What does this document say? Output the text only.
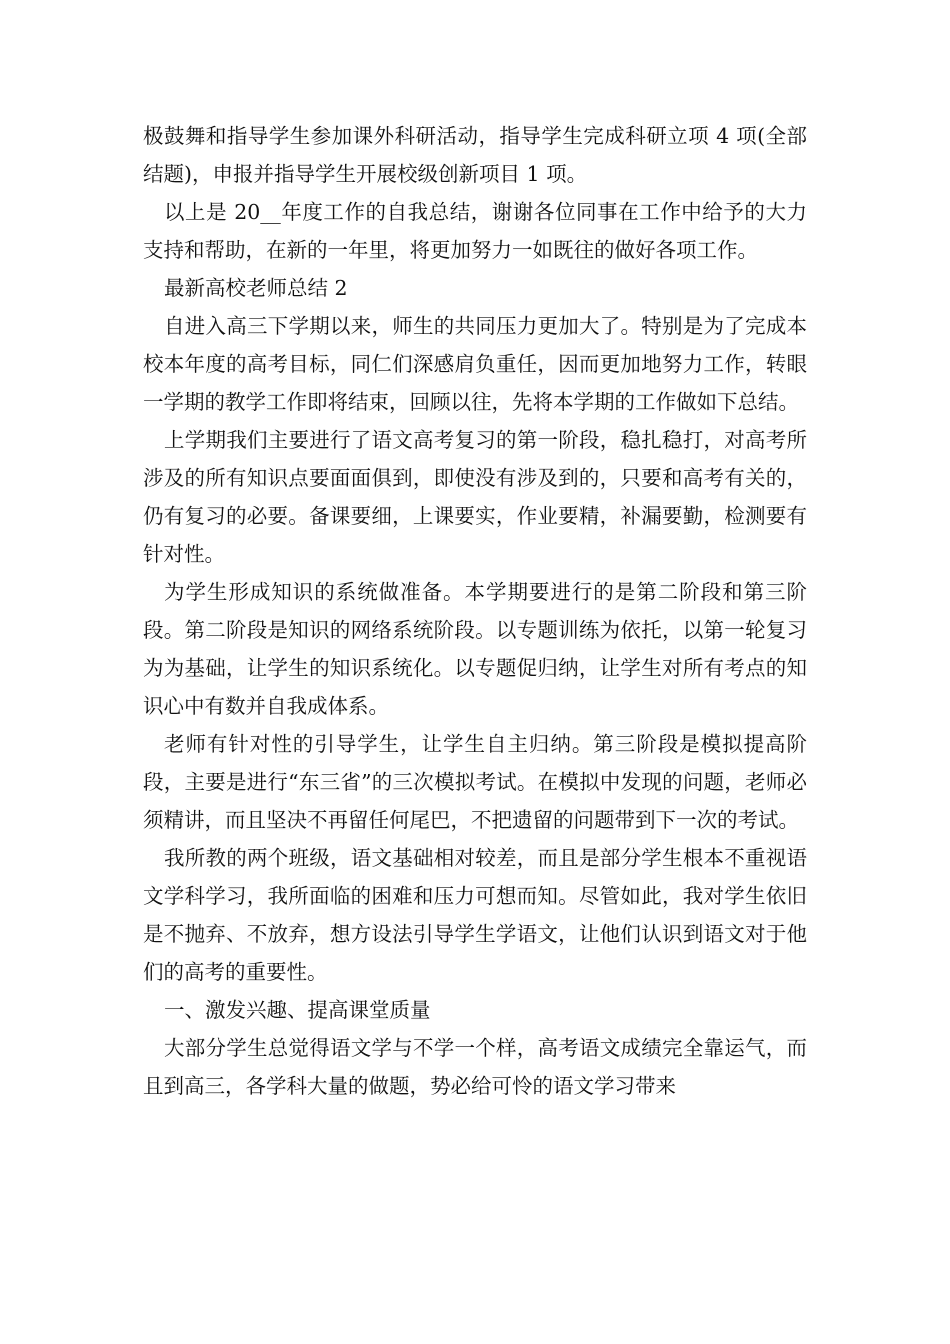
极鼓舞和指导学生参加课外科研活动，指导学生完成科研立项 4 项(全部结题)，申报并指导学生开展校级创新项目 1 项。

以上是 20__年度工作的自我总结，谢谢各位同事在工作中给予的大力支持和帮助，在新的一年里，将更加努力一如既往的做好各项工作。

最新高校老师总结 2

自进入高三下学期以来，师生的共同压力更加大了。特别是为了完成本校本年度的高考目标，同仁们深感肩负重任，因而更加地努力工作，转眼一学期的教学工作即将结束，回顾以往，先将本学期的工作做如下总结。

上学期我们主要进行了语文高考复习的第一阶段，稳扎稳打，对高考所涉及的所有知识点要面面俱到，即使没有涉及到的，只要和高考有关的，仍有复习的必要。备课要细，上课要实，作业要精，补漏要勤，检测要有针对性。

为学生形成知识的系统做准备。本学期要进行的是第二阶段和第三阶段。第二阶段是知识的网络系统阶段。以专题训练为依托，以第一轮复习为为基础，让学生的知识系统化。以专题促归纳，让学生对所有考点的知识心中有数并自我成体系。

老师有针对性的引导学生，让学生自主归纳。第三阶段是模拟提高阶段，主要是进行“东三省”的三次模拟考试。在模拟中发现的问题，老师必须精讲，而且坚决不再留任何尾巴，不把遗留的问题带到下一次的考试。

我所教的两个班级，语文基础相对较差，而且是部分学生根本不重视语文学科学习，我所面临的困难和压力可想而知。尽管如此，我对学生依旧是不抛弃、不放弃，想方设法引导学生学语文，让他们认识到语文对于他们的高考的重要性。

一、激发兴趣、提高课堂质量

大部分学生总觉得语文学与不学一个样，高考语文成绩完全靠运气，而且到高三，各学科大量的做题，势必给可怜的语文学习带来
